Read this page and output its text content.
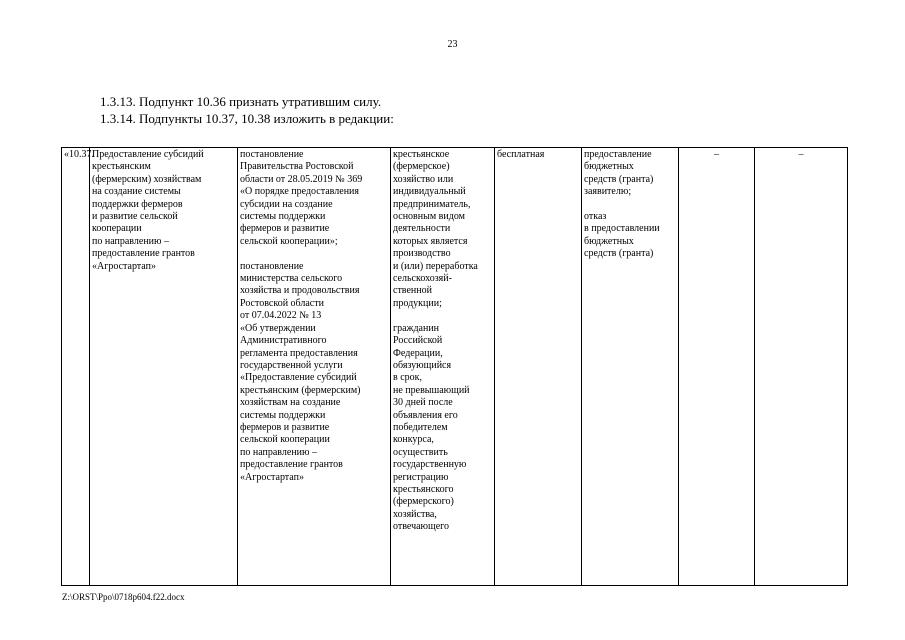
23
1.3.13. Подпункт 10.36 признать утратившим силу.
1.3.14. Подпункты 10.37, 10.38 изложить в редакции:
«10.37.	Предоставление субсидий
крестьянским
(фермерским) хозяйствам
на создание системы
поддержки фермеров
и развитие сельской
кооперации
по направлению –
предоставление грантов
«Агростартап»	постановление
Правительства Ростовской
области от 28.05.2019 № 369
«О порядке предоставления
субсидии на создание
системы поддержки
фермеров и развитие
сельской кооперации»;

постановление
министерства сельского
хозяйства и продовольствия
Ростовской области
от 07.04.2022 № 13
«Об утверждении
Административного
регламента предоставления
государственной услуги
«Предоставление субсидий
крестьянским (фермерским)
хозяйствам на создание
системы поддержки
фермеров и развитие
сельской кооперации
по направлению –
предоставление грантов
«Агростартап»	крестьянское
(фермерское)
хозяйство или
индивидуальный
предприниматель,
основным видом
деятельности
которых является
производство
и (или) переработка
сельскохозяй-
ственной
продукции;

гражданин
Российской
Федерации,
обязующийся
в срок,
не превышающий
30 дней после
объявления его
победителем
конкурса,
осуществить
государственную
регистрацию
крестьянского
(фермерского)
хозяйства,
отвечающего	бесплатная	предоставление
бюджетных
средств (гранта)
заявителю;

отказ
в предоставлении
бюджетных
средств (гранта)	–	–
Z:\ORST\Ppo\0718p604.f22.docx
